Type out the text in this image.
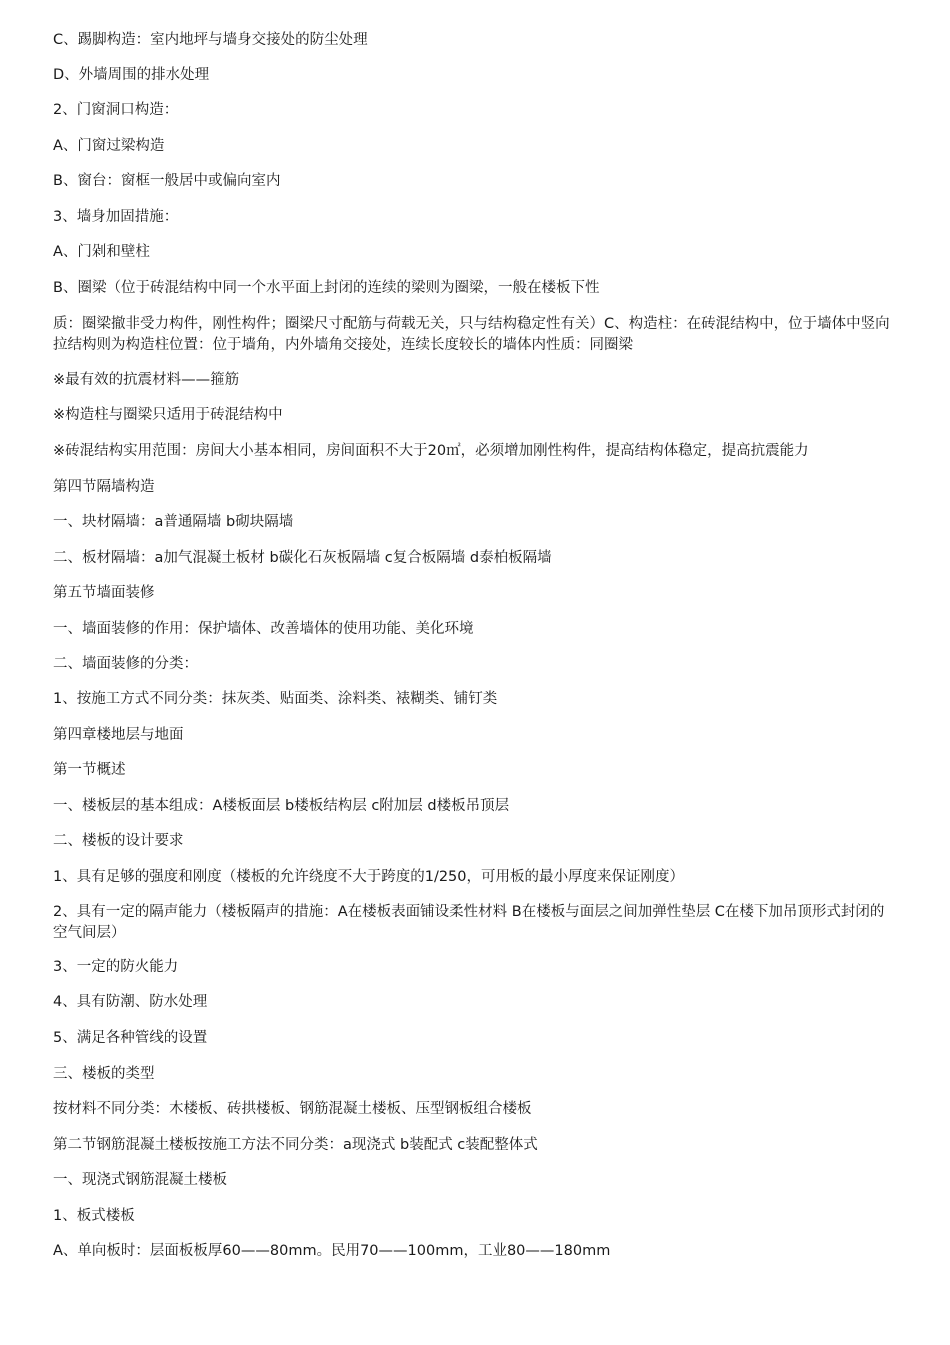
C、踢脚构造：室内地坪与墙身交接处的防尘处理
D、外墙周围的排水处理
2、门窗洞口构造：
A、门窗过梁构造
B、窗台：窗框一般居中或偏向室内
3、墙身加固措施：
A、门剁和壁柱
B、圈梁（位于砖混结构中同一个水平面上封闭的连续的梁则为圈梁，一般在楼板下性
质：圈梁撤非受力构件，刚性构件；圈梁尺寸配筋与荷载无关，只与结构稳定性有关）C、构造柱：在砖混结构中，位于墙体中竖向拉结构则为构造柱位置：位于墙角，内外墙角交接处，连续长度较长的墙体内性质：同圈梁
※最有效的抗震材料——箍筋
※构造柱与圈梁只适用于砖混结构中
※砖混结构实用范围：房间大小基本相同，房间面积不大于20㎡，必须增加刚性构件，提高结构体稳定，提高抗震能力
第四节隔墙构造
一、块材隔墙：a普通隔墙 b砌块隔墙
二、板材隔墙：a加气混凝土板材 b碳化石灰板隔墙 c复合板隔墙 d泰柏板隔墙
第五节墙面装修
一、墙面装修的作用：保护墙体、改善墙体的使用功能、美化环境
二、墙面装修的分类：
1、按施工方式不同分类：抹灰类、贴面类、涂料类、裱糊类、铺钉类
第四章楼地层与地面
第一节概述
一、楼板层的基本组成：A楼板面层 b楼板结构层 c附加层 d楼板吊顶层
二、楼板的设计要求
1、具有足够的强度和刚度（楼板的允许绕度不大于跨度的1/250，可用板的最小厚度来保证刚度）
2、具有一定的隔声能力（楼板隔声的措施：A在楼板表面铺设柔性材料 B在楼板与面层之间加弹性垫层 C在楼下加吊顶形式封闭的空气间层）
3、一定的防火能力
4、具有防潮、防水处理
5、满足各种管线的设置
三、楼板的类型
按材料不同分类：木楼板、砖拱楼板、钢筋混凝土楼板、压型钢板组合楼板
第二节钢筋混凝土楼板按施工方法不同分类：a现浇式 b装配式 c装配整体式
一、现浇式钢筋混凝土楼板
1、板式楼板
A、单向板时：层面板板厚60——80mm。民用70——100mm，工业80——180mm
